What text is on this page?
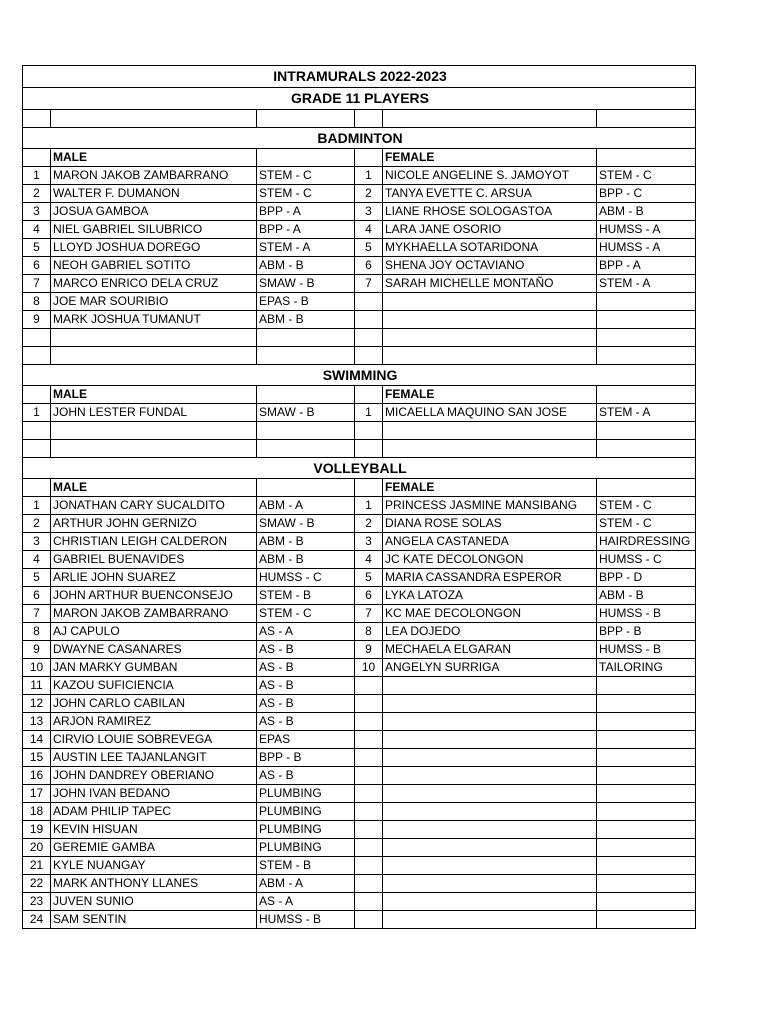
INTRAMURALS 2022-2023					
GRADE 11 PLAYERS					

BADMINTON					
	MALE			FEMALE	
1	MARON JAKOB ZAMBARRANO	STEM - C	1	NICOLE ANGELINE S. JAMOYOT	STEM - C
2	WALTER F. DUMANON	STEM - C	2	TANYA EVETTE C. ARSUA	BPP - C
3	JOSUA GAMBOA	BPP - A	3	LIANE RHOSE SOLOGASTOA	ABM - B
4	NIEL GABRIEL SILUBRICO	BPP - A	4	LARA JANE OSORIO	HUMSS - A
5	LLOYD JOSHUA DOREGO	STEM - A	5	MYKHAELLA SOTARIDONA	HUMSS - A
6	NEOH GABRIEL SOTITO	ABM - B	6	SHENA JOY OCTAVIANO	BPP - A
7	MARCO ENRICO DELA CRUZ	SMAW - B	7	SARAH MICHELLE MONTAÑO	STEM - A
8	JOE MAR SOURIBIO	EPAS - B			
9	MARK JOSHUA TUMANUT	ABM - B			

SWIMMING					
	MALE			FEMALE	
1	JOHN LESTER FUNDAL	SMAW - B	1	MICAELLA MAQUINO SAN JOSE	STEM - A

VOLLEYBALL					
	MALE			FEMALE	
1	JONATHAN CARY SUCALDITO	ABM - A	1	PRINCESS JASMINE MANSIBANG	STEM - C
2	ARTHUR JOHN GERNIZO	SMAW - B	2	DIANA ROSE SOLAS	STEM - C
3	CHRISTIAN LEIGH CALDERON	ABM - B	3	ANGELA CASTANEDA	HAIRDRESSING
4	GABRIEL BUENAVIDES	ABM - B	4	JC KATE DECOLONGON	HUMSS - C
5	ARLIE JOHN SUAREZ	HUMSS - C	5	MARIA CASSANDRA ESPEROR	BPP - D
6	JOHN ARTHUR BUENCONSEJO	STEM - B	6	LYKA LATOZA	ABM - B
7	MARON JAKOB ZAMBARRANO	STEM - C	7	KC MAE DECOLONGON	HUMSS - B
8	AJ CAPULO	AS - A	8	LEA DOJEDO	BPP - B
9	DWAYNE CASANARES	AS - B	9	MECHAELA ELGARAN	HUMSS - B
10	JAN MARKY GUMBAN	AS - B	10	ANGELYN SURRIGA	TAILORING
11	KAZOU SUFICIENCIA	AS - B			
12	JOHN CARLO CABILAN	AS - B			
13	ARJON RAMIREZ	AS - B			
14	CIRVIO LOUIE SOBREVEGA	EPAS			
15	AUSTIN LEE TAJANLANGIT	BPP - B			
16	JOHN DANDREY OBERIANO	AS - B			
17	JOHN IVAN BEDANO	PLUMBING			
18	ADAM PHILIP TAPEC	PLUMBING			
19	KEVIN HISUAN	PLUMBING			
20	GEREMIE GAMBA	PLUMBING			
21	KYLE NUANGAY	STEM - B			
22	MARK ANTHONY LLANES	ABM - A			
23	JUVEN SUNIO	AS - A			
24	SAM SENTIN	HUMSS - B			
